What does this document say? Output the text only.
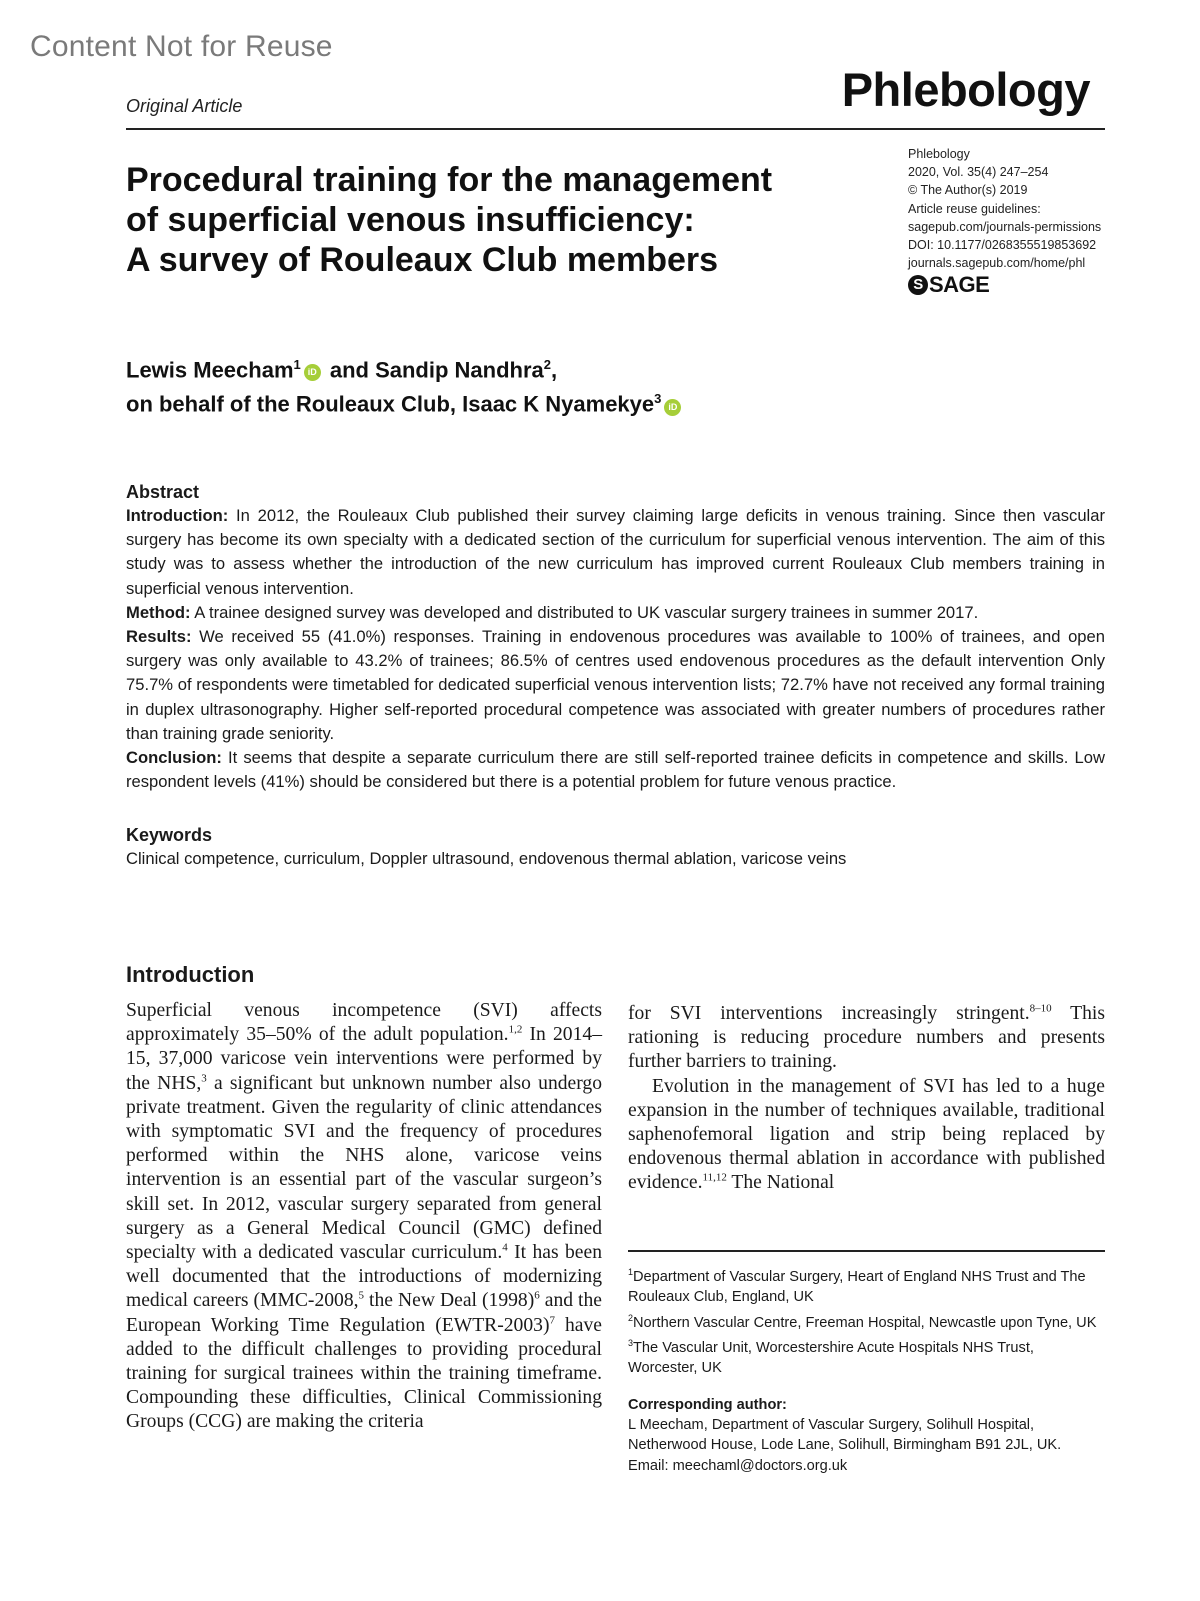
Content Not for Reuse
Phlebology
Original Article
Procedural training for the management
of superficial venous insufficiency:
A survey of Rouleaux Club members
Phlebology
2020, Vol. 35(4) 247–254
© The Author(s) 2019
Article reuse guidelines:
sagepub.com/journals-permissions
DOI: 10.1177/0268355519853692
journals.sagepub.com/home/phl
S SAGE
Lewis Meecham$^1$iD and Sandip Nandhra$^2$,
on behalf of the Rouleaux Club, Isaac K Nyamekye$^3$iD
Abstract

Introduction: In 2012, the Rouleaux Club published their survey claiming large deficits in venous training. Since then vascular surgery has become its own specialty with a dedicated section of the curriculum for superficial venous intervention. The aim of this study was to assess whether the introduction of the new curriculum has improved current Rouleaux Club members training in superficial venous intervention.

Method: A trainee designed survey was developed and distributed to UK vascular surgery trainees in summer 2017.

Results: We received 55 (41.0%) responses. Training in endovenous procedures was available to 100% of trainees, and open surgery was only available to 43.2% of trainees; 86.5% of centres used endovenous procedures as the default intervention Only 75.7% of respondents were timetabled for dedicated superficial venous intervention lists; 72.7% have not received any formal training in duplex ultrasonography. Higher self-reported procedural competence was associated with greater numbers of procedures rather than training grade seniority.

Conclusion: It seems that despite a separate curriculum there are still self-reported trainee deficits in competence and skills. Low respondent levels (41%) should be considered but there is a potential problem for future venous practice.

Keywords

Clinical competence, curriculum, Doppler ultrasound, endovenous thermal ablation, varicose veins

Introduction

Superficial venous incompetence (SVI) affects approximately 35–50% of the adult population.$^{1,2}$ In 2014–15, 37,000 varicose vein interventions were performed by the NHS,$^3$ a significant but unknown number also undergo private treatment. Given the regularity of clinic attendances with symptomatic SVI and the frequency of procedures performed within the NHS alone, varicose veins intervention is an essential part of the vascular surgeon’s skill set. In 2012, vascular surgery separated from general surgery as a General Medical Council (GMC) defined specialty with a dedicated vascular curriculum.$^4$ It has been well documented that the introductions of modernizing medical careers (MMC-2008,$^5$ the New Deal $(1998)^6$ and the European Working Time Regulation (EWTR-2003)$^7$ have added to the difficult challenges to providing procedural training for surgical trainees within the training timeframe. Compounding these difficulties, Clinical Commissioning Groups (CCG) are making the criteria

for SVI interventions increasingly stringent.$^{8-10}$ This rationing is reducing procedure numbers and presents further barriers to training.

Evolution in the management of SVI has led to a huge expansion in the number of techniques available, traditional saphenofemoral ligation and strip being replaced by endovenous thermal ablation in accordance with published evidence.$^{11,12}$ The National

$^1$Department of Vascular Surgery, Heart of England NHS Trust and The Rouleaux Club, England, UK

$^2$Northern Vascular Centre, Freeman Hospital, Newcastle upon Tyne, UK

$^3$The Vascular Unit, Worcestershire Acute Hospitals NHS Trust, Worcester, UK

Corresponding author:

L Meecham, Department of Vascular Surgery, Solihull Hospital, Netherwood House, Lode Lane, Solihull, Birmingham B91 2JL, UK.

Email: meechaml@doctors.org.uk
